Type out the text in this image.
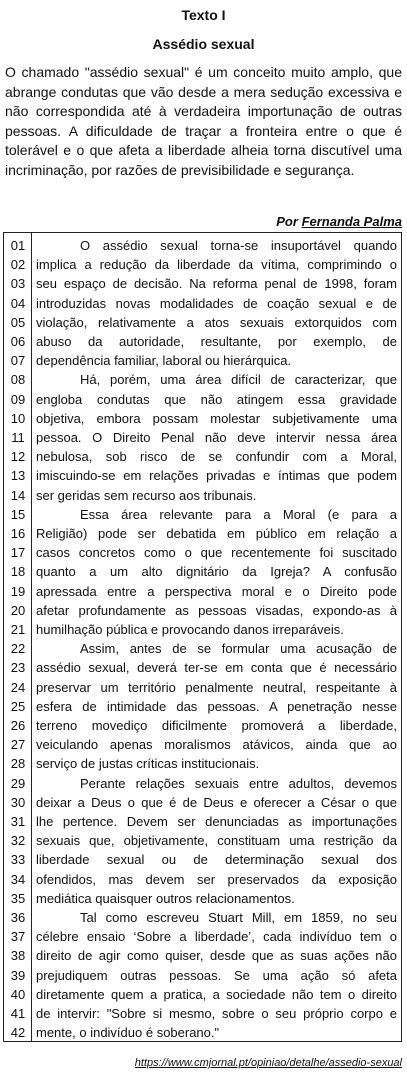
Texto I
Assédio sexual

O chamado "assédio sexual" é um conceito muito amplo, que abrange condutas que vão desde a mera sedução excessiva e não correspondida até à verdadeira importunação de outras pessoas. A dificuldade de traçar a fronteira entre o que é tolerável e o que afeta a liberdade alheia torna discutível uma incriminação, por razões de previsibilidade e segurança.

Por Fernanda Palma
01
02
03
04
05
06
07
08
09
10
11
12
13
14
15
16
17
18
19
20
21
22
23
24
25
26
27
28
29
30
31
32
33
34
35
36
37
38
39
40
41
42
O assédio sexual torna-se insuportável quando
implica a redução da liberdade da vítima, comprimindo o
seu espaço de decisão. Na reforma penal de 1998, foram
introduzidas novas modalidades de coação sexual e de
violação, relativamente a atos sexuais extorquidos com
abuso da autoridade, resultante, por exemplo, de
dependência familiar, laboral ou hierárquica.
Há, porém, uma área difícil de caracterizar, que
engloba condutas que não atingem essa gravidade
objetiva, embora possam molestar subjetivamente uma
pessoa. O Direito Penal não deve intervir nessa área
nebulosa, sob risco de se confundir com a Moral,
imiscuindo-se em relações privadas e íntimas que podem
ser geridas sem recurso aos tribunais.
Essa área relevante para a Moral (e para a
Religião) pode ser debatida em público em relação a
casos concretos como o que recentemente foi suscitado
quanto a um alto dignitário da Igreja? A confusão
apressada entre a perspectiva moral e o Direito pode
afetar profundamente as pessoas visadas, expondo-as à
humilhação pública e provocando danos irreparáveis.
Assim, antes de se formular uma acusação de
assédio sexual, deverá ter-se em conta que é necessário
preservar um território penalmente neutral, respeitante à
esfera de intimidade das pessoas. A penetração nesse
terreno movediço dificilmente promoverá a liberdade,
veiculando apenas moralismos atávicos, ainda que ao
serviço de justas críticas institucionais.
Perante relações sexuais entre adultos, devemos
deixar a Deus o que é de Deus e oferecer a César o que
lhe pertence. Devem ser denunciadas as importunações
sexuais que, objetivamente, constituam uma restrição da
liberdade sexual ou de determinação sexual dos
ofendidos, mas devem ser preservados da exposição
mediática quaisquer outros relacionamentos.
Tal como escreveu Stuart Mill, em 1859, no seu
célebre ensaio ‘Sobre a liberdade’, cada indivíduo tem o
direito de agir como quiser, desde que as suas ações não
prejudiquem outras pessoas. Se uma ação só afeta
diretamente quem a pratica, a sociedade não tem o direito
de intervir: "Sobre si mesmo, sobre o seu próprio corpo e
mente, o indivíduo é soberano."
https://www.cmjornal.pt/opiniao/detalhe/assedio-sexual
